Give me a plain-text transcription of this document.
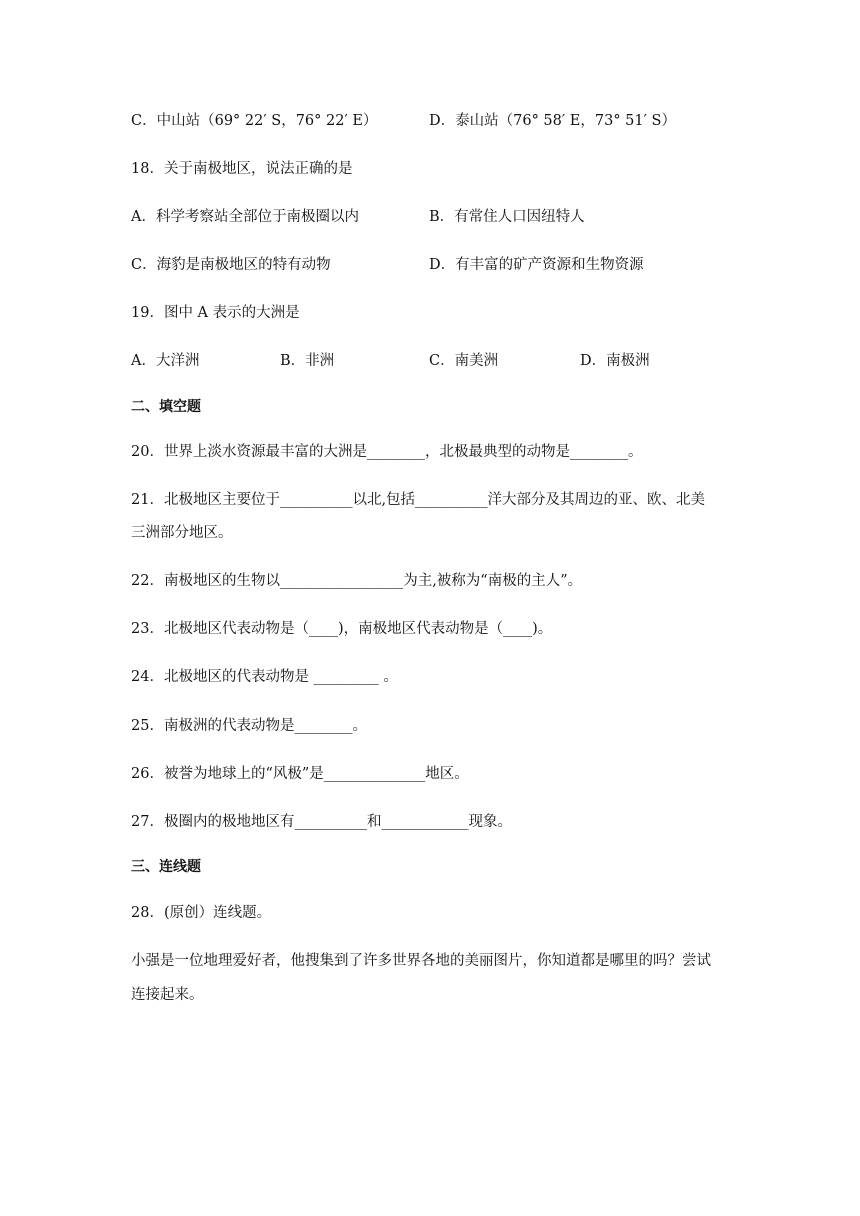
C．中山站（69° 22′ S，76° 22′ E）	D．泰山站（76° 58′ E，73° 51′ S）
18．关于南极地区，说法正确的是
A．科学考察站全部位于南极圈以内	B．有常住人口因纽特人
C．海豹是南极地区的特有动物	D．有丰富的矿产资源和生物资源
19．图中 A 表示的大洲是
A．大洋洲	B．非洲	C．南美洲	D．南极洲
二、填空题
20．世界上淡水资源最丰富的大洲是________，北极最典型的动物是________。
21．北极地区主要位于__________以北,包括__________洋大部分及其周边的亚、欧、北美
三洲部分地区。
22．南极地区的生物以_________________为主,被称为“南极的主人”。
23．北极地区代表动物是（____)，南极地区代表动物是（____)。
24．北极地区的代表动物是 _________ 。
25．南极洲的代表动物是________。
26．被誉为地球上的“风极”是______________地区。
27．极圈内的极地地区有__________和____________现象。
三、连线题
28．(原创）连线题。
小强是一位地理爱好者，他搜集到了许多世界各地的美丽图片，你知道都是哪里的吗？尝试
连接起来。
